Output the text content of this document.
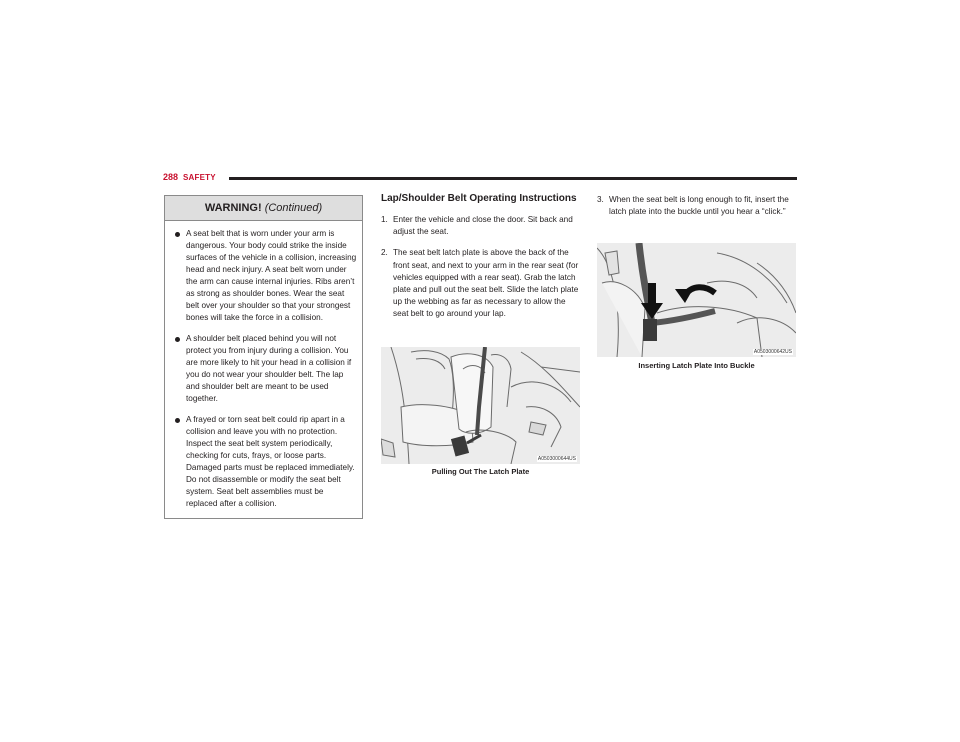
288 SAFETY
WARNING! (Continued)
A seat belt that is worn under your arm is dangerous. Your body could strike the inside surfaces of the vehicle in a collision, increasing head and neck injury. A seat belt worn under the arm can cause internal injuries. Ribs aren’t as strong as shoulder bones. Wear the seat belt over your shoulder so that your strongest bones will take the force in a collision.
A shoulder belt placed behind you will not protect you from injury during a collision. You are more likely to hit your head in a collision if you do not wear your shoulder belt. The lap and shoulder belt are meant to be used together.
A frayed or torn seat belt could rip apart in a collision and leave you with no protection. Inspect the seat belt system periodically, checking for cuts, frays, or loose parts. Damaged parts must be replaced immediately. Do not disassemble or modify the seat belt system. Seat belt assemblies must be replaced after a collision.
Lap/Shoulder Belt Operating Instructions
1. Enter the vehicle and close the door. Sit back and adjust the seat.
2. The seat belt latch plate is above the back of the front seat, and next to your arm in the rear seat (for vehicles equipped with a rear seat). Grab the latch plate and pull out the seat belt. Slide the latch plate up the webbing as far as necessary to allow the seat belt to go around your lap.
3. When the seat belt is long enough to fit, insert the latch plate into the buckle until you hear a “click.”
A0503000644US
Pulling Out The Latch Plate
A0503000642US
Inserting Latch Plate Into Buckle
